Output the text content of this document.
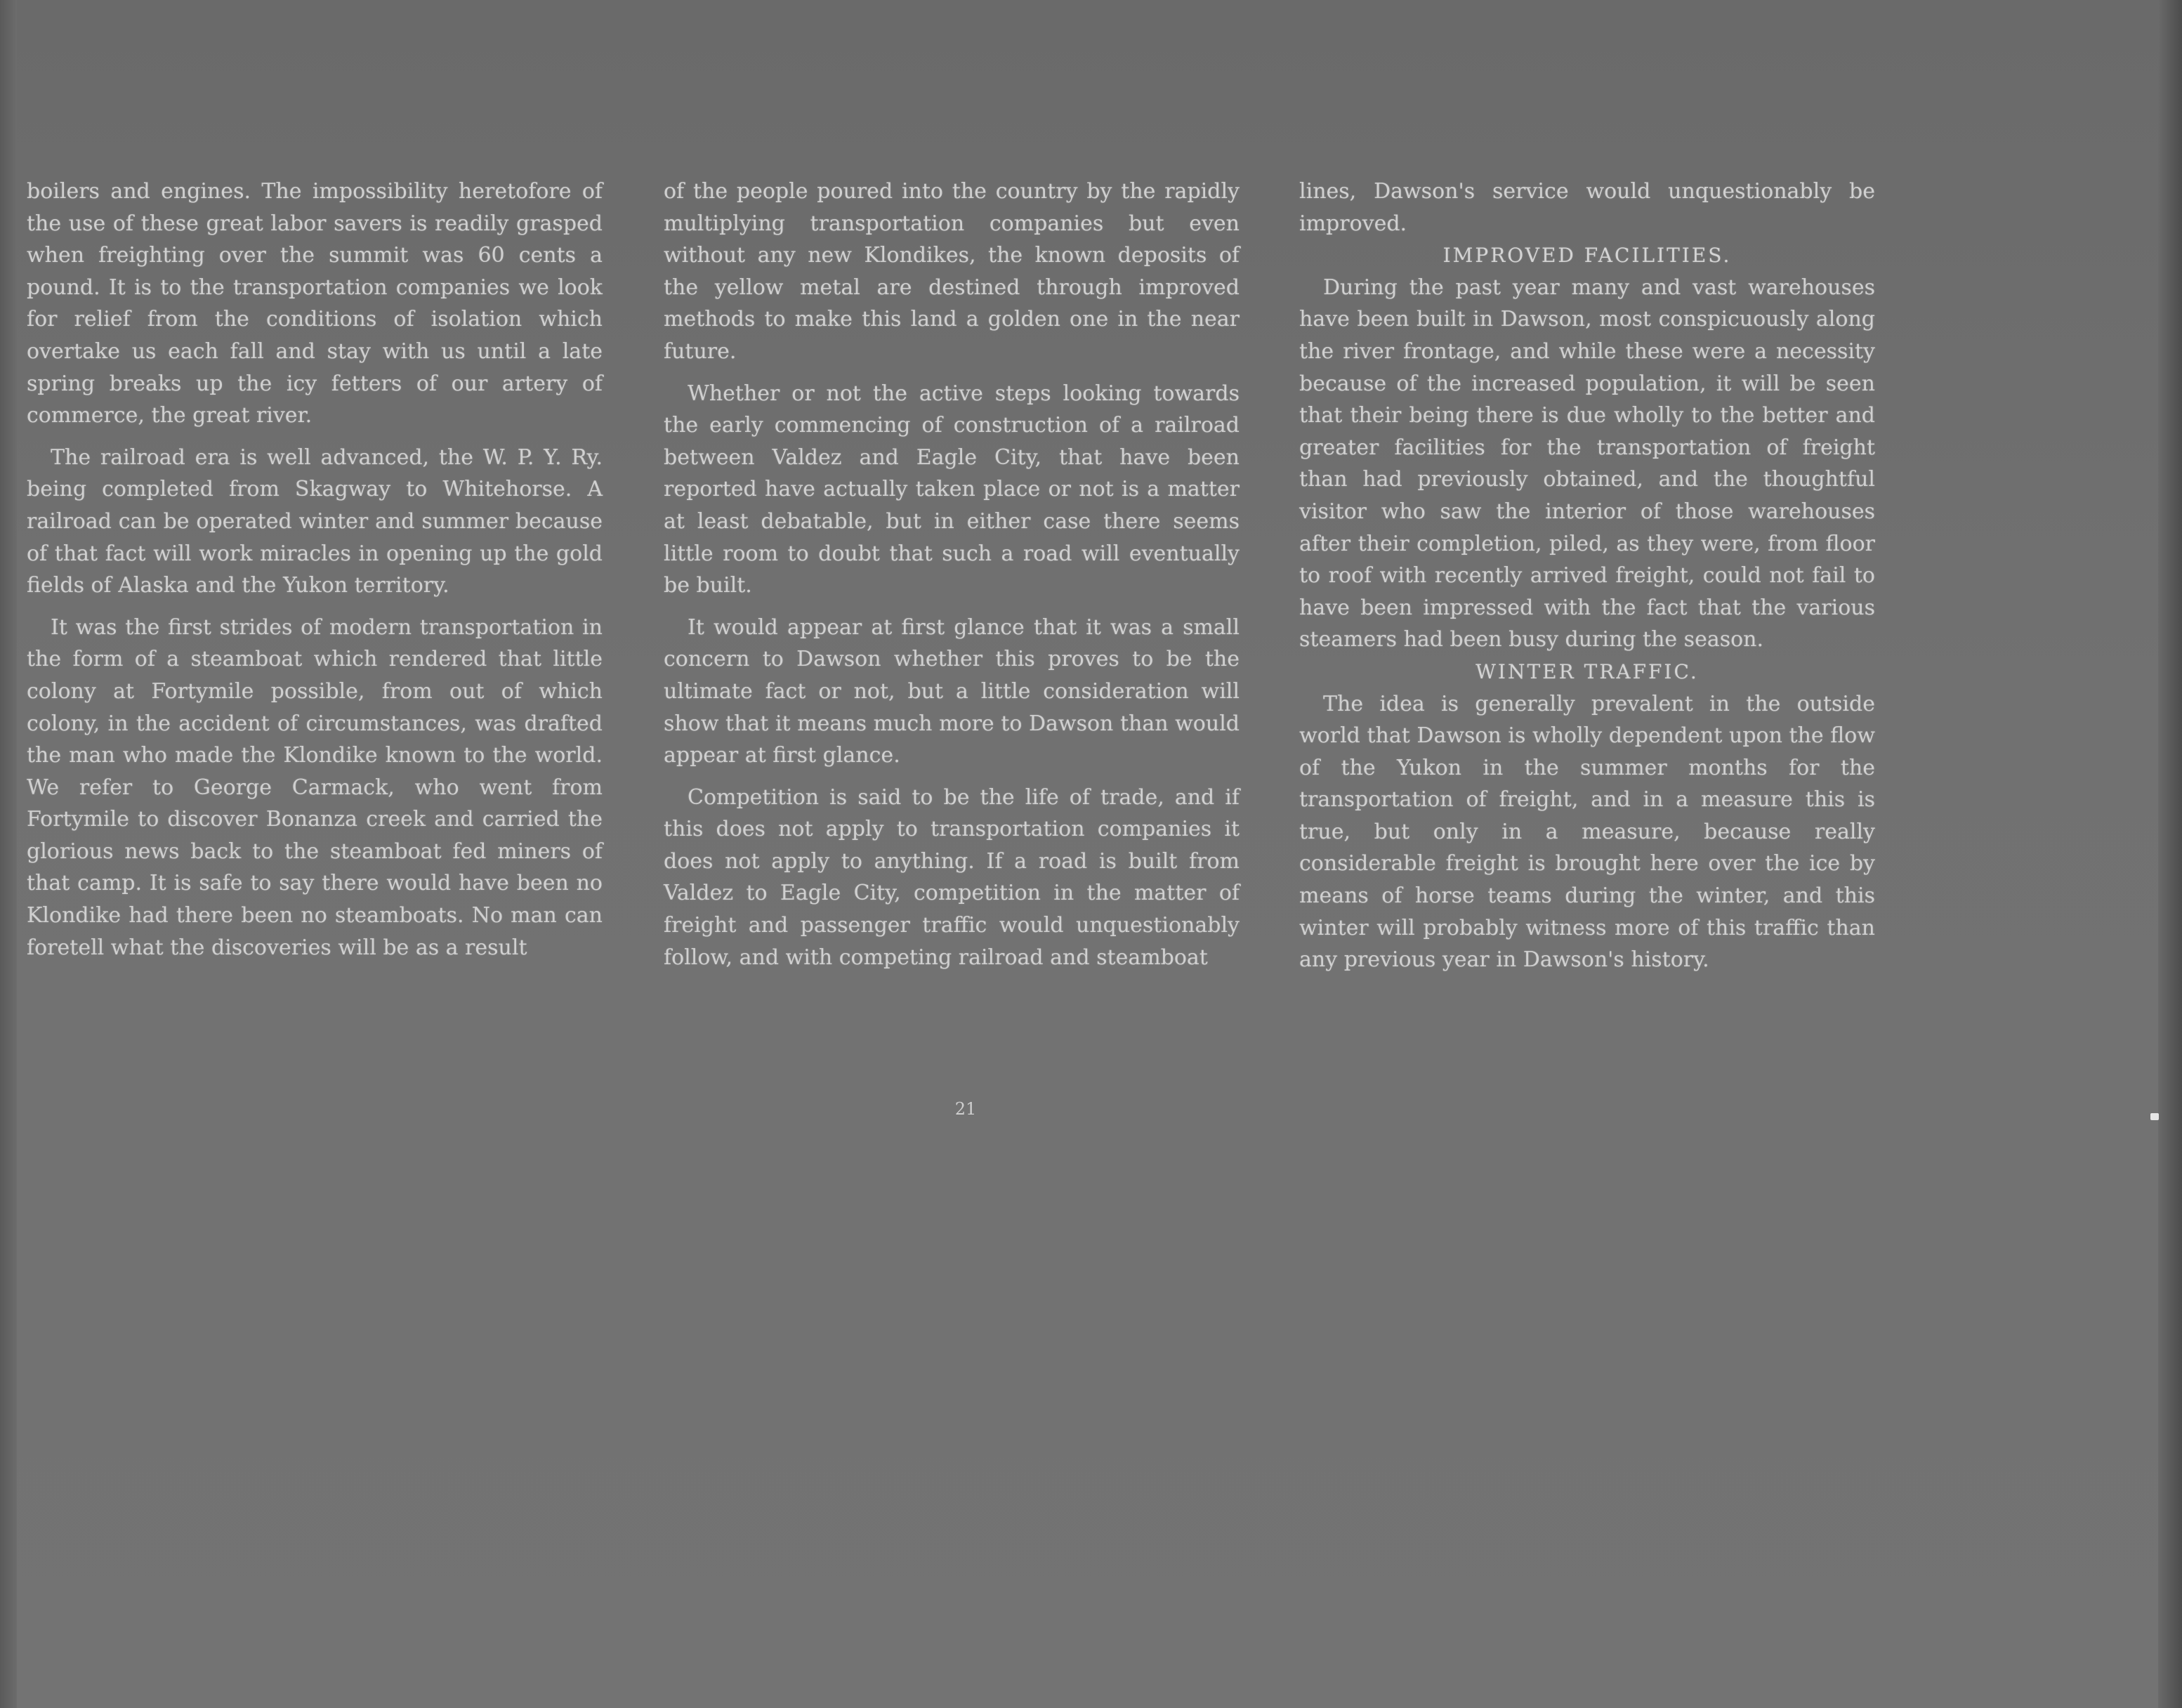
boilers and engines. The impossibility heretofore of the use of these great labor savers is readily grasped when freighting over the summit was 60 cents a pound. It is to the transportation companies we look for relief from the conditions of isolation which overtake us each fall and stay with us until a late spring breaks up the icy fetters of our artery of commerce, the great river.

The railroad era is well advanced, the W. P. Y. Ry. being completed from Skagway to Whitehorse. A railroad can be operated winter and summer because of that fact will work miracles in opening up the gold fields of Alaska and the Yukon territory.

It was the first strides of modern transportation in the form of a steamboat which rendered that little colony at Fortymile possible, from out of which colony, in the accident of circumstances, was drafted the man who made the Klondike known to the world. We refer to George Carmack, who went from Fortymile to discover Bonanza creek and carried the glorious news back to the steamboat fed miners of that camp. It is safe to say there would have been no Klondike had there been no steamboats. No man can foretell what the discoveries will be as a result

of the people poured into the country by the rapidly multiplying transportation companies but even without any new Klondikes, the known deposits of the yellow metal are destined through improved methods to make this land a golden one in the near future.

Whether or not the active steps looking towards the early commencing of construction of a railroad between Valdez and Eagle City, that have been reported have actually taken place or not is a matter at least debatable, but in either case there seems little room to doubt that such a road will eventually be built.

It would appear at first glance that it was a small concern to Dawson whether this proves to be the ultimate fact or not, but a little consideration will show that it means much more to Dawson than would appear at first glance.

Competition is said to be the life of trade, and if this does not apply to transportation companies it does not apply to anything. If a road is built from Valdez to Eagle City, competition in the matter of freight and passenger traffic would unquestionably follow, and with competing railroad and steamboat

lines, Dawson's service would unquestionably be improved.

IMPROVED FACILITIES.

During the past year many and vast warehouses have been built in Dawson, most conspicuously along the river frontage, and while these were a necessity because of the increased population, it will be seen that their being there is due wholly to the better and greater facilities for the transportation of freight than had previously obtained, and the thoughtful visitor who saw the interior of those warehouses after their completion, piled, as they were, from floor to roof with recently arrived freight, could not fail to have been impressed with the fact that the various steamers had been busy during the season.

WINTER TRAFFIC.

The idea is generally prevalent in the outside world that Dawson is wholly dependent upon the flow of the Yukon in the summer months for the transportation of freight, and in a measure this is true, but only in a measure, because really considerable freight is brought here over the ice by means of horse teams during the winter, and this winter will probably witness more of this traffic than any previous year in Dawson's history.

21
